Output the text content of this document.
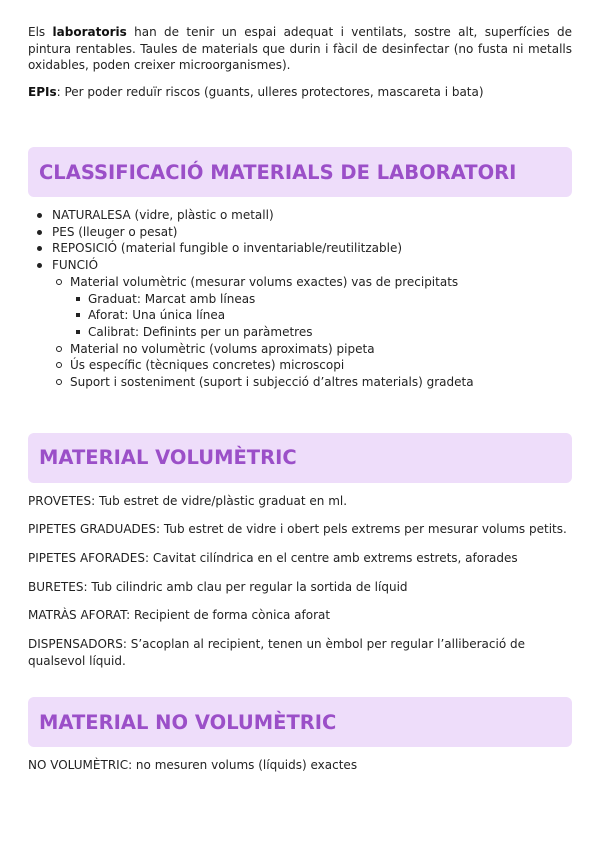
Els laboratoris han de tenir un espai adequat i ventilats, sostre alt, superfícies de pintura rentables. Taules de materials que durin i fàcil de desinfectar (no fusta ni metalls oxidables, poden creixer microorganismes).

EPIs: Per poder reduïr riscos (guants, ulleres protectores, mascareta i bata)

CLASSIFICACIÓ MATERIALS DE LABORATORI
NATURALESA (vidre, plàstic o metall)
PES (lleuger o pesat)
REPOSICIÓ (material fungible o inventariable/reutilitzable)
FUNCIÓ
Material volumètric (mesurar volums exactes) vas de precipitats
Graduat: Marcat amb líneas
Aforat: Una única línea
Calibrat: Definints per un paràmetres
Material no volumètric (volums aproximats) pipeta
Ús específic (tècniques concretes) microscopi
Suport i sosteniment (suport i subjecció d’altres materials) gradeta
MATERIAL VOLUMÈTRIC

PROVETES: Tub estret de vidre/plàstic graduat en ml.

PIPETES GRADUADES: Tub estret de vidre i obert pels extrems per mesurar volums petits.

PIPETES AFORADES: Cavitat cilíndrica en el centre amb extrems estrets, aforades

BURETES: Tub cilindric amb clau per regular la sortida de líquid

MATRÀS AFORAT: Recipient de forma cònica aforat

DISPENSADORS: S’acoplan al recipient, tenen un èmbol per regular l’alliberació de qualsevol líquid.

MATERIAL NO VOLUMÈTRIC

NO VOLUMÈTRIC: no mesuren volums (líquids) exactes
